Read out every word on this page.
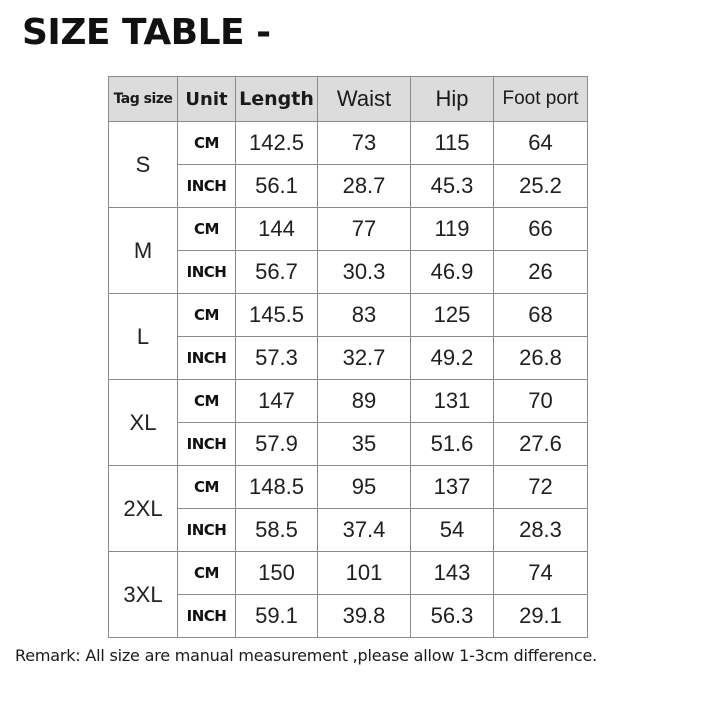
SIZE TABLE -
Tag size	Unit	Length	Waist	Hip	Foot port
S	CM	142.5	73	115	64
	INCH	56.1	28.7	45.3	25.2
M	CM	144	77	119	66
	INCH	56.7	30.3	46.9	26
L	CM	145.5	83	125	68
	INCH	57.3	32.7	49.2	26.8
XL	CM	147	89	131	70
	INCH	57.9	35	51.6	27.6
2XL	CM	148.5	95	137	72
	INCH	58.5	37.4	54	28.3
3XL	CM	150	101	143	74
	INCH	59.1	39.8	56.3	29.1
Remark: All size are manual measurement ,please allow 1-3cm difference.
